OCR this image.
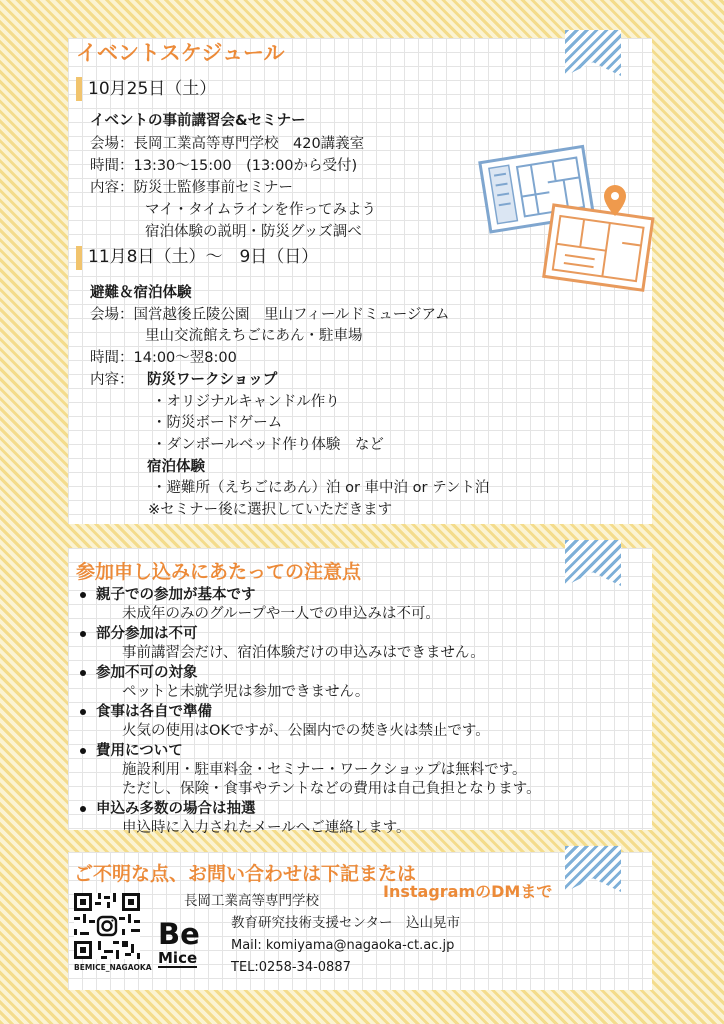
イベントスケジュール
10月25日（土）
イベントの事前講習会&セミナー
会場：長岡工業高等専門学校　420講義室
時間：13:30～15:00　(13:00から受付)
内容：防災士監修事前セミナー
マイ・タイムラインを作ってみよう
宿泊体験の説明・防災グッズ調べ
11月8日（土）～　9日（日）
避難＆宿泊体験
会場：国営越後丘陵公園　里山フィールドミュージアム
里山交流館えちごにあん・駐車場
時間：14:00～翌8:00
内容： 防災ワークショップ
・オリジナルキャンドル作り
・防災ボードゲーム
・ダンボールベッド作り体験　など
宿泊体験
・避難所（えちごにあん）泊 or 車中泊 or テント泊
※セミナー後に選択していただきます
参加申し込みにあたっての注意点
親子での参加が基本です
未成年のみのグループや一人での申込みは不可。
部分参加は不可
事前講習会だけ、宿泊体験だけの申込みはできません。
参加不可の対象
ペットと未就学児は参加できません。
食事は各自で準備
火気の使用はOKですが、公園内での焚き火は禁止です。
費用について
施設利用・駐車料金・セミナー・ワークショップは無料です。
ただし、保険・食事やテントなどの費用は自己負担となります。
申込み多数の場合は抽選
申込時に入力されたメールへご連絡します。
ご不明な点、お問い合わせは下記または
InstagramのDMまで
BEMICE_NAGAOKA
Be
Mice
長岡工業高等専門学校
教育研究技術支援センター　込山晃市
Mail: komiyama@nagaoka-ct.ac.jp
TEL:0258-34-0887
